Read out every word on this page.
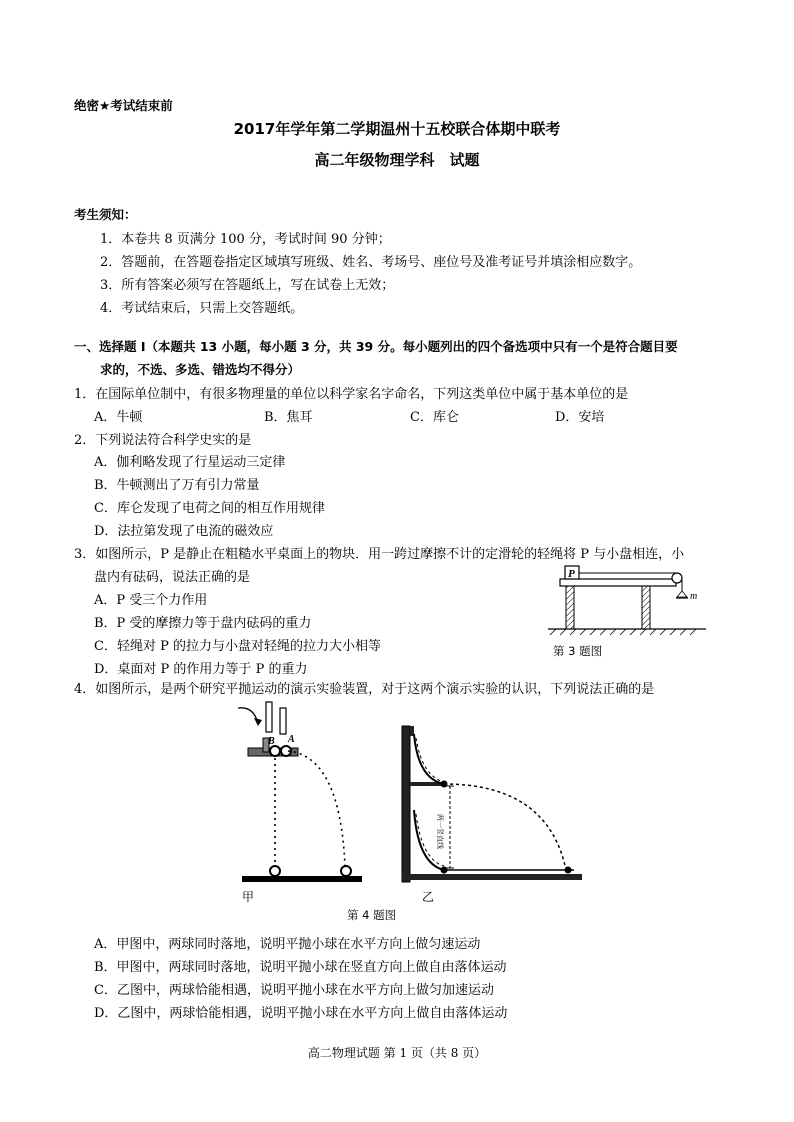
绝密★考试结束前
2017年学年第二学期温州十五校联合体期中联考
高二年级物理学科　试题
考生须知：
1．本卷共 8 页满分 100 分，考试时间 90 分钟；
2．答题前，在答题卷指定区域填写班级、姓名、考场号、座位号及准考证号并填涂相应数字。
3．所有答案必须写在答题纸上，写在试卷上无效；
4．考试结束后，只需上交答题纸。
一、选择题 I（本题共 13 小题，每小题 3 分，共 39 分。每小题列出的四个备选项中只有一个是符合题目要
求的，不选、多选、错选均不得分）
1．在国际单位制中，有很多物理量的单位以科学家名字命名，下列这类单位中属于基本单位的是
A．牛顿	B．焦耳	C．库仑	D．安培
2．下列说法符合科学史实的是
A．伽利略发现了行星运动三定律
B．牛顿测出了万有引力常量
C．库仑发现了电荷之间的相互作用规律
D．法拉第发现了电流的磁效应
3．如图所示，P 是静止在粗糙水平桌面上的物块．用一跨过摩擦不计的定滑轮的轻绳将 P 与小盘相连，小
盘内有砝码，说法正确的是
A．P 受三个力作用
B．P 受的摩擦力等于盘内砝码的重力
C．轻绳对 P 的拉力与小盘对轻绳的拉力大小相等
D．桌面对 P 的作用力等于 P 的重力
P
m
第 3 题图
4．如图所示，是两个研究平抛运动的演示实验装置，对于这两个演示实验的认识，下列说法正确的是
B A
甲
两一竖直线
乙
第 4 题图
A．甲图中，两球同时落地，说明平抛小球在水平方向上做匀速运动
B．甲图中，两球同时落地，说明平抛小球在竖直方向上做自由落体运动
C．乙图中，两球恰能相遇，说明平抛小球在水平方向上做匀加速运动
D．乙图中，两球恰能相遇，说明平抛小球在水平方向上做自由落体运动
高二物理试题 第 1 页（共 8 页）
